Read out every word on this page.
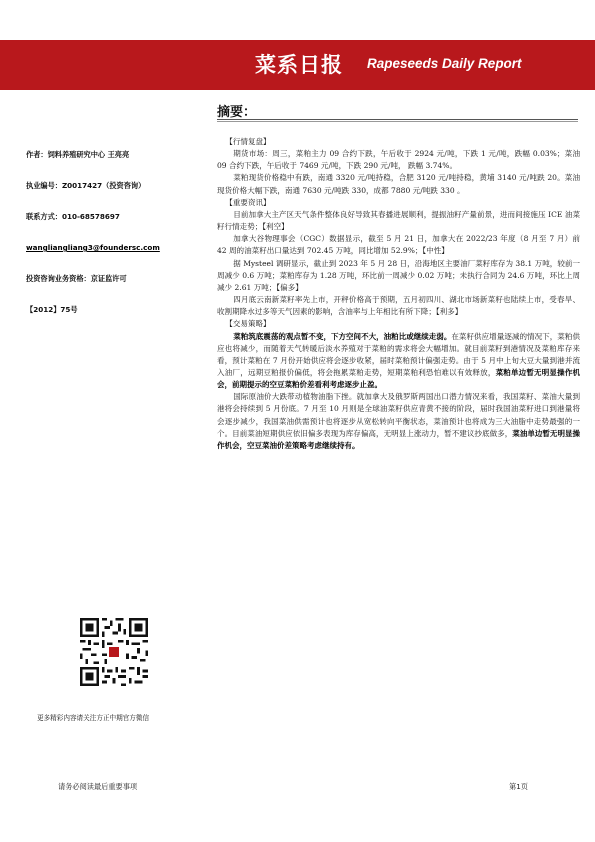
菜系日报 Rapeseeds Daily Report
作者：饲料养殖研究中心 王亮亮
执业编号：Z0017427（投资咨询）
联系方式：010-68578697
wangliangliang3@foundersc.com
投资咨询业务资格：京证监许可
【2012】75号
更多精彩内容请关注方正中期官方微信
摘要：

【行情复盘】

期货市场：周三，菜粕主力 09 合约下跌，午后收于 2924 元/吨，下跌 1 元/吨，跌幅 0.03%；菜油 09 合约下跌，午后收于 7469 元/吨，下跌 290 元/吨， 跌幅 3.74%。

菜粕现货价格稳中有跌，南通 3320 元/吨持稳，合肥 3120 元/吨持稳，黄埔 3140 元/吨跌 20。菜油现货价格大幅下跌，南通 7630 元/吨跌 330，成都 7880 元/吨跌 330 。

【重要资讯】

目前加拿大主产区天气条件整体良好导致其春播进展顺利，提振油籽产量前景，进而间接施压 ICE 油菜籽行情走势；【利空】

加拿大谷物理事会（CGC）数据显示，截至 5 月 21 日，加拿大在 2022/23 年度（8 月至 7 月）前 42 周的油菜籽出口量达到 702.45 万吨，同比增加 52.9%；【中性】

据 Mysteel 调研显示，截止到 2023 年 5 月 28 日，沿海地区主要油厂菜籽库存为 38.1 万吨，较前一周减少 0.6 万吨；菜粕库存为 1.28 万吨，环比前一周减少 0.02 万吨；未执行合同为 24.6 万吨，环比上周减少 2.61 万吨；【偏多】

四月底云南新菜籽率先上市，开秤价格高于预期，五月初四川、湖北市场新菜籽也陆续上市，受春旱、收割期降水过多等天气因素的影响，含油率与上年相比有所下降；【利多】

【交易策略】

菜粕筑底震荡的观点暂不变，下方空间不大，油粕比或继续走弱。在菜籽供应增量逐减的情况下，菜粕供应也将减少，而随着天气转暖后淡水养殖对于菜粕的需求将会大幅增加。就目前菜籽到港情况及菜粕库存来看，预计菜粕在 7 月份开始供应将会逐步收紧，届时菜粕预计偏强走势。由于 5 月中上旬大豆大量到港并流入油厂，远期豆粕报价偏低，将会拖累菜粕走势，短期菜粕利恐怕难以有效释放，菜粕单边暂无明显操作机会，前期提示的空豆菜粕价差看利考虑逐步止盈。

国际原油价大跌带动植物油脂下挫。就加拿大及俄罗斯两国出口潜力情况来看，我国菜籽、菜油大量到港将会持续到 5 月份底。7 月至 10 月则是全球油菜籽供应青黄不接的阶段，届时我国油菜籽进口到港量将会逐步减少，我国菜油供需预计也将逐步从宽松转向平衡状态，菜油预计也将成为三大油脂中走势最强的一个。目前菜油短期供应依旧偏多表现为库存偏高，无明显上涨动力，暂不建议抄底做多，菜油单边暂无明显操作机会，空豆菜油价差策略考虑继续持有。

请务必阅读最后重要事项	第1页
